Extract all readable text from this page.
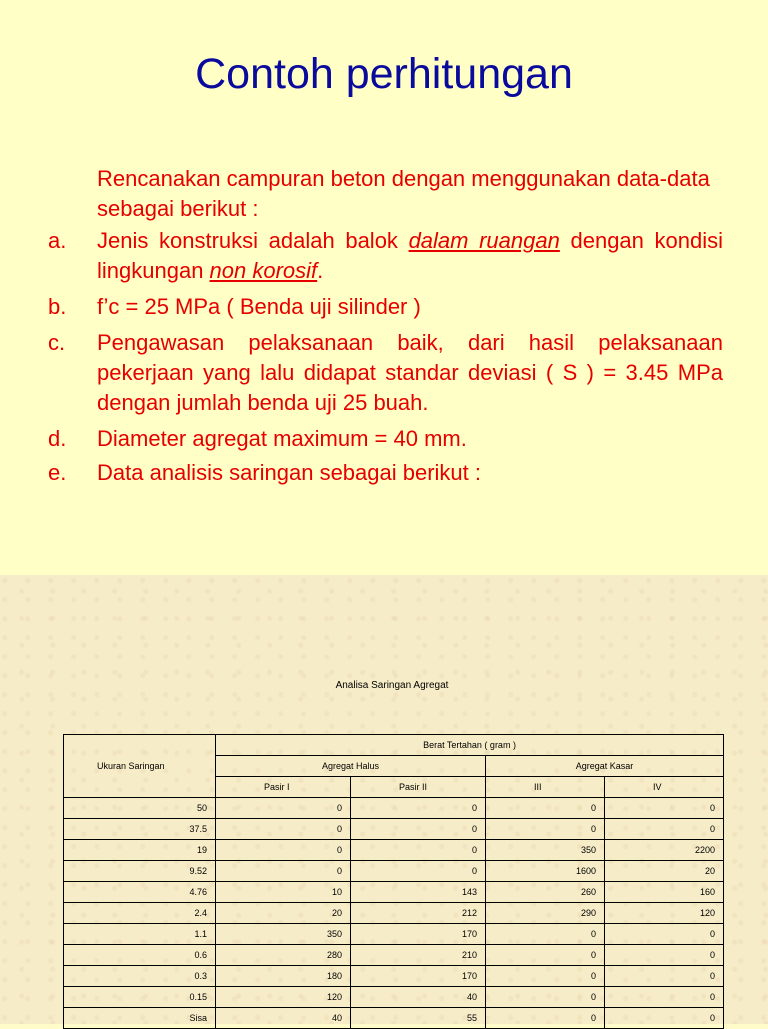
Contoh perhitungan

Rencanakan campuran beton dengan menggunakan data-data sebagai berikut :

a. Jenis konstruksi adalah balok dalam ruangan dengan kondisi lingkungan non korosif.

b. f’c = 25 MPa ( Benda uji silinder )

c. Pengawasan pelaksanaan baik, dari hasil pelaksanaan pekerjaan yang lalu didapat standar deviasi ( S ) = 3.45 MPa dengan jumlah benda uji 25 buah.

d. Diameter agregat maximum = 40 mm.

e. Data analisis saringan sebagai berikut :

Analisa Saringan Agregat
Ukuran Saringan	Berat Tertahan ( gram )			
	Agregat Halus		Agregat Kasar	
	Pasir I	Pasir II	III	IV
50	0	0	0	0
37.5	0	0	0	0
19	0	0	350	2200
9.52	0	0	1600	20
4.76	10	143	260	160
2.4	20	212	290	120
1.1	350	170	0	0
0.6	280	210	0	0
0.3	180	170	0	0
0.15	120	40	0	0
Sisa	40	55	0	0
